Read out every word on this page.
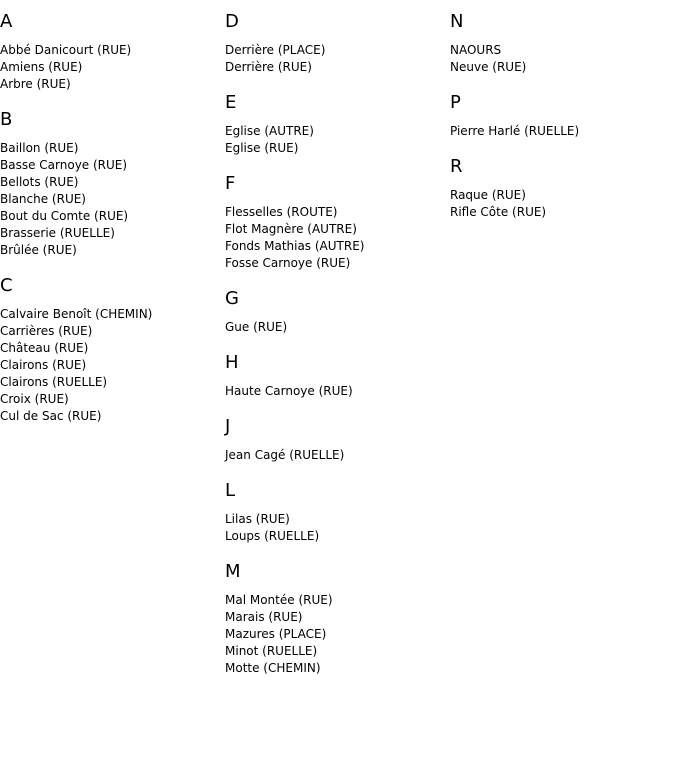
A
Abbé Danicourt (RUE)
Amiens (RUE)
Arbre (RUE)
B
Baillon (RUE)
Basse Carnoye (RUE)
Bellots (RUE)
Blanche (RUE)
Bout du Comte (RUE)
Brasserie (RUELLE)
Brûlée (RUE)
C
Calvaire Benoît (CHEMIN)
Carrières (RUE)
Château (RUE)
Clairons (RUE)
Clairons (RUELLE)
Croix (RUE)
Cul de Sac (RUE)
D
Derrière (PLACE)
Derrière (RUE)
E
Eglise (AUTRE)
Eglise (RUE)
F
Flesselles (ROUTE)
Flot Magnère (AUTRE)
Fonds Mathias (AUTRE)
Fosse Carnoye (RUE)
G
Gue (RUE)
H
Haute Carnoye (RUE)
J
Jean Cagé (RUELLE)
L
Lilas (RUE)
Loups (RUELLE)
M
Mal Montée (RUE)
Marais (RUE)
Mazures (PLACE)
Minot (RUELLE)
Motte (CHEMIN)
N
NAOURS
Neuve (RUE)
P
Pierre Harlé (RUELLE)
R
Raque (RUE)
Rifle Côte (RUE)
